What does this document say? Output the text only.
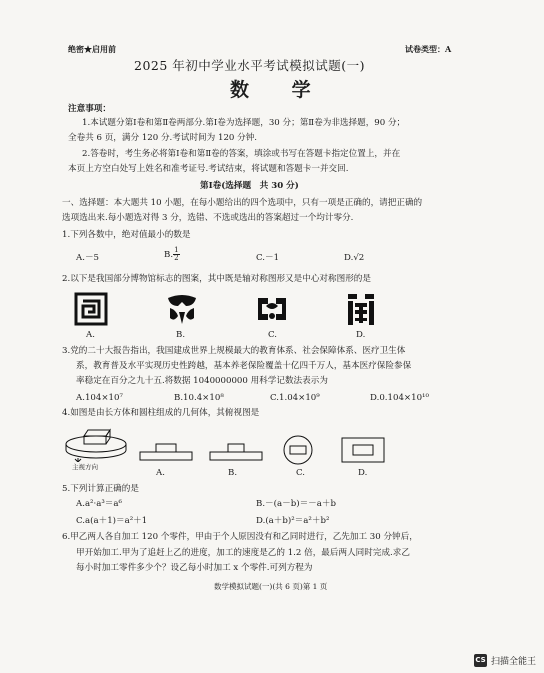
绝密★启用前	试卷类型：A
2025 年初中学业水平考试模拟试题(一)
数 学
注意事项：
1.本试题分第Ⅰ卷和第Ⅱ卷两部分.第Ⅰ卷为选择题，30 分；第Ⅱ卷为非选择题，90 分；
全卷共 6 页，满分 120 分.考试时间为 120 分钟.
2.答卷时，考生务必将第Ⅰ卷和第Ⅱ卷的答案，填涂或书写在答题卡指定位置上，并在
本页上方空白处写上姓名和准考证号.考试结束，将试题和答题卡一并交回.
第Ⅰ卷(选择题　共 30 分)
一、选择题：本大题共 10 小题，在每小题给出的四个选项中，只有一项是正确的，请把正确的
选项选出来.每小题选对得 3 分，选错、不选或选出的答案超过一个均计零分.
1.下列各数中，绝对值最小的数是
A.－5	B. $\frac{1}{2}$	C.－1	D.√2
2.以下是我国部分博物馆标志的图案，其中既是轴对称图形又是中心对称图形的是
A.	B.	C.	D.
3.党的二十大报告指出，我国建成世界上规模最大的教育体系、社会保障体系、医疗卫生体
系，教育普及水平实现历史性跨越，基本养老保险覆盖十亿四千万人，基本医疗保险参保
率稳定在百分之九十五.将数据 1040000000 用科学记数法表示为
A.104×10⁷	B.10.4×10⁸	C.1.04×10⁹	D.0.104×10¹⁰
4.如图是由长方体和圆柱组成的几何体，其俯视图是
主视方向
A.	B.	C.	D.
5.下列计算正确的是
A.a²·a³＝a⁶	B.－(a－b)＝－a＋b
C.a(a＋1)＝a²＋1	D.(a＋b)²＝a²＋b²
6.甲乙两人各自加工 120 个零件，甲由于个人原因没有和乙同时进行，乙先加工 30 分钟后，
甲开始加工.甲为了追赶上乙的进度，加工的速度是乙的 1.2 倍，最后两人同时完成.求乙
每小时加工零件多少个？设乙每小时加工 x 个零件.可列方程为
数学模拟试题(一)(共 6 页)第 1 页
CS 扫描全能王
